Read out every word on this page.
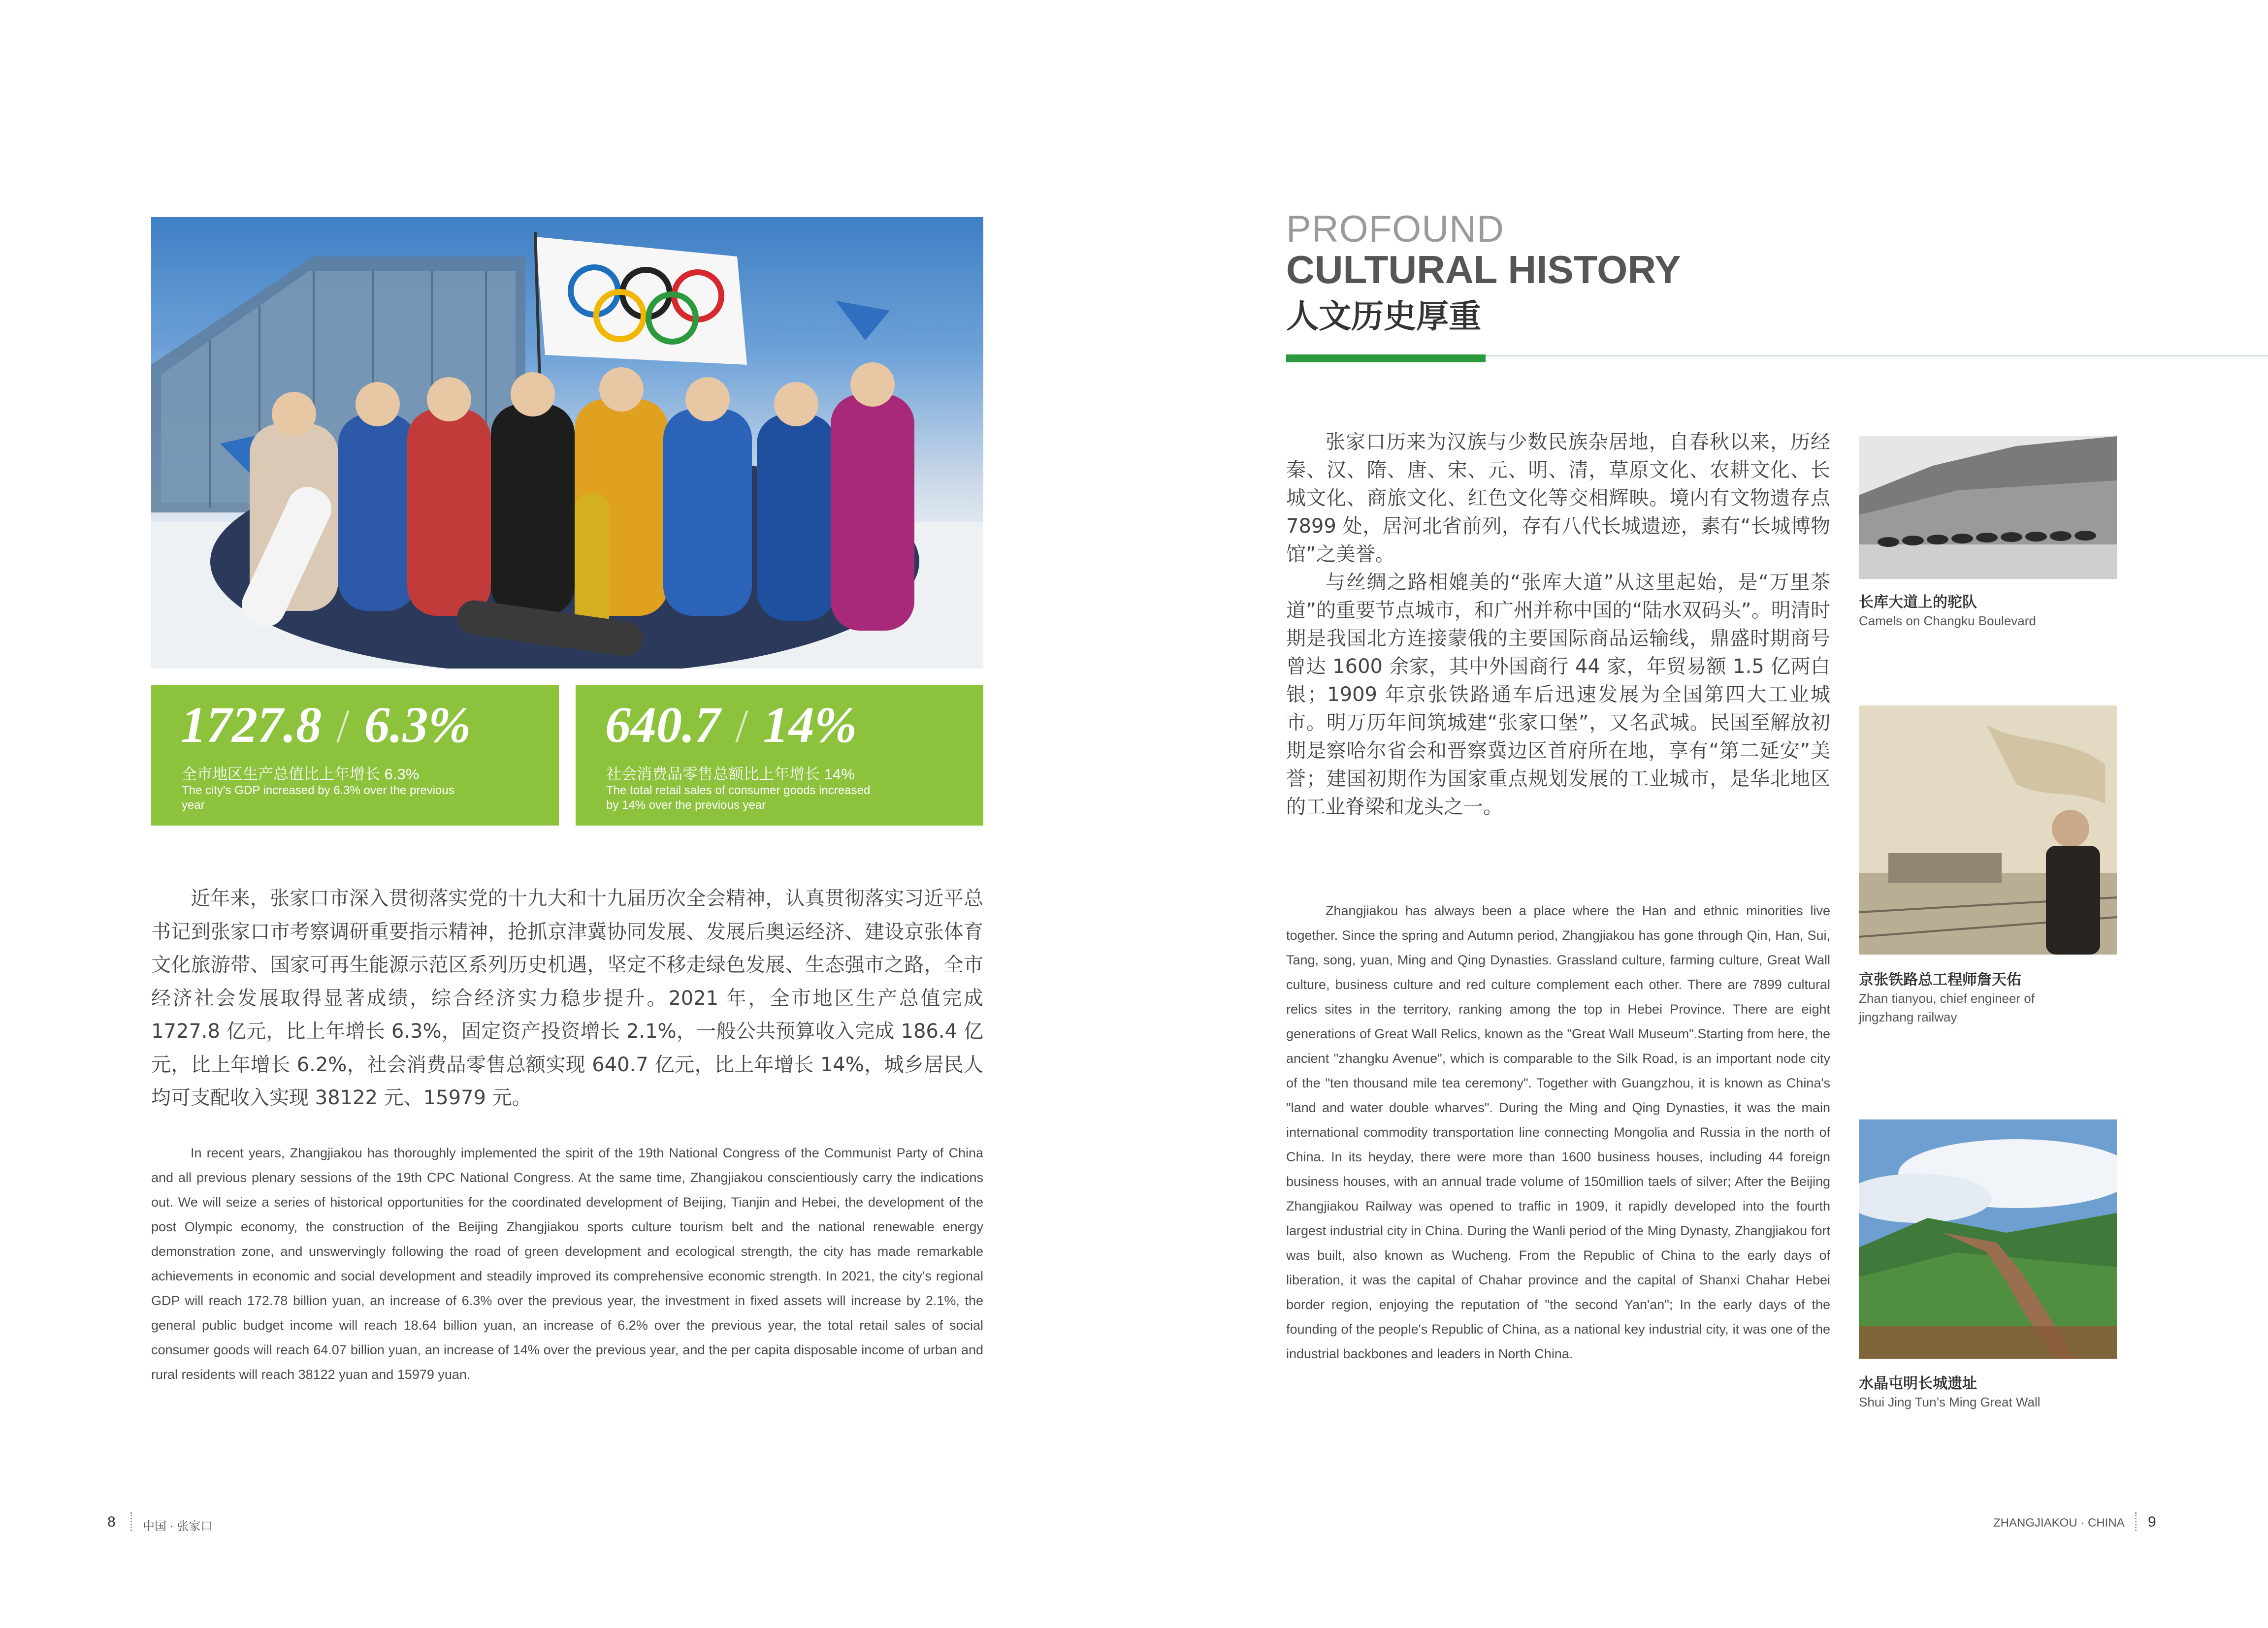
1727.8 / 6.3%
全市地区生产总值比上年增长 6.3%
The city's GDP increased by 6.3% over the previous year
640.7 / 14%
社会消费品零售总额比上年增长 14%
The total retail sales of consumer goods increased by 14% over the previous year

近年来，张家口市深入贯彻落实党的十九大和十九届历次全会精神，认真贯彻落实习近平总书记到张家口市考察调研重要指示精神，抢抓京津冀协同发展、发展后奥运经济、建设京张体育文化旅游带、国家可再生能源示范区系列历史机遇，坚定不移走绿色发展、生态强市之路，全市经济社会发展取得显著成绩，综合经济实力稳步提升。2021 年，全市地区生产总值完成 1727.8 亿元，比上年增长 6.3%，固定资产投资增长 2.1%，一般公共预算收入完成 186.4 亿元，比上年增长 6.2%，社会消费品零售总额实现 640.7 亿元，比上年增长 14%，城乡居民人均可支配收入实现 38122 元、15979 元。

In recent years, Zhangjiakou has thoroughly implemented the spirit of the 19th National Congress of the Communist Party of China and all previous plenary sessions of the 19th CPC National Congress. At the same time, Zhangjiakou conscientiously carry the indications out. We will seize a series of historical opportunities for the coordinated development of Beijing, Tianjin and Hebei, the development of the post Olympic economy, the construction of the Beijing Zhangjiakou sports culture tourism belt and the national renewable energy demonstration zone, and unswervingly following the road of green development and ecological strength, the city has made remarkable achievements in economic and social development and steadily improved its comprehensive economic strength. In 2021, the city's regional GDP will reach 172.78 billion yuan, an increase of 6.3% over the previous year, the investment in fixed assets will increase by 2.1%, the general public budget income will reach 18.64 billion yuan, an increase of 6.2% over the previous year, the total retail sales of social consumer goods will reach 64.07 billion yuan, an increase of 14% over the previous year, and the per capita disposable income of urban and rural residents will reach 38122 yuan and 15979 yuan.

8 中国 · 张家口
PROFOUND
CULTURAL HISTORY
人文历史厚重

张家口历来为汉族与少数民族杂居地，自春秋以来，历经秦、汉、隋、唐、宋、元、明、清，草原文化、农耕文化、长城文化、商旅文化、红色文化等交相辉映。境内有文物遗存点 7899 处，居河北省前列，存有八代长城遗迹，素有“长城博物馆”之美誉。

与丝绸之路相媲美的“张库大道”从这里起始，是“万里茶道”的重要节点城市，和广州并称中国的“陆水双码头”。明清时期是我国北方连接蒙俄的主要国际商品运输线，鼎盛时期商号曾达 1600 余家，其中外国商行 44 家，年贸易额 1.5 亿两白银；1909 年京张铁路通车后迅速发展为全国第四大工业城市。明万历年间筑城建“张家口堡”，又名武城。民国至解放初期是察哈尔省会和晋察冀边区首府所在地，享有“第二延安”美誉；建国初期作为国家重点规划发展的工业城市，是华北地区的工业脊梁和龙头之一。

Zhangjiakou has always been a place where the Han and ethnic minorities live together. Since the spring and Autumn period, Zhangjiakou has gone through Qin, Han, Sui, Tang, song, yuan, Ming and Qing Dynasties. Grassland culture, farming culture, Great Wall culture, business culture and red culture complement each other. There are 7899 cultural relics sites in the territory, ranking among the top in Hebei Province. There are eight generations of Great Wall Relics, known as the "Great Wall Museum".Starting from here, the ancient "zhangku Avenue", which is comparable to the Silk Road, is an important node city of the "ten thousand mile tea ceremony". Together with Guangzhou, it is known as China's "land and water double wharves". During the Ming and Qing Dynasties, it was the main international commodity transportation line connecting Mongolia and Russia in the north of China. In its heyday, there were more than 1600 business houses, including 44 foreign business houses, with an annual trade volume of 150million taels of silver; After the Beijing Zhangjiakou Railway was opened to traffic in 1909, it rapidly developed into the fourth largest industrial city in China. During the Wanli period of the Ming Dynasty, Zhangjiakou fort was built, also known as Wucheng. From the Republic of China to the early days of liberation, it was the capital of Chahar province and the capital of Shanxi Chahar Hebei border region, enjoying the reputation of "the second Yan'an"; In the early days of the founding of the people's Republic of China, as a national key industrial city, it was one of the industrial backbones and leaders in North China.

长库大道上的驼队
Camels on Changku Boulevard
京张铁路总工程师詹天佑
Zhan tianyou, chief engineer of jingzhang railway
水晶屯明长城遗址
Shui Jing Tun’s Ming Great Wall
ZHANGJIAKOU · CHINA 9
